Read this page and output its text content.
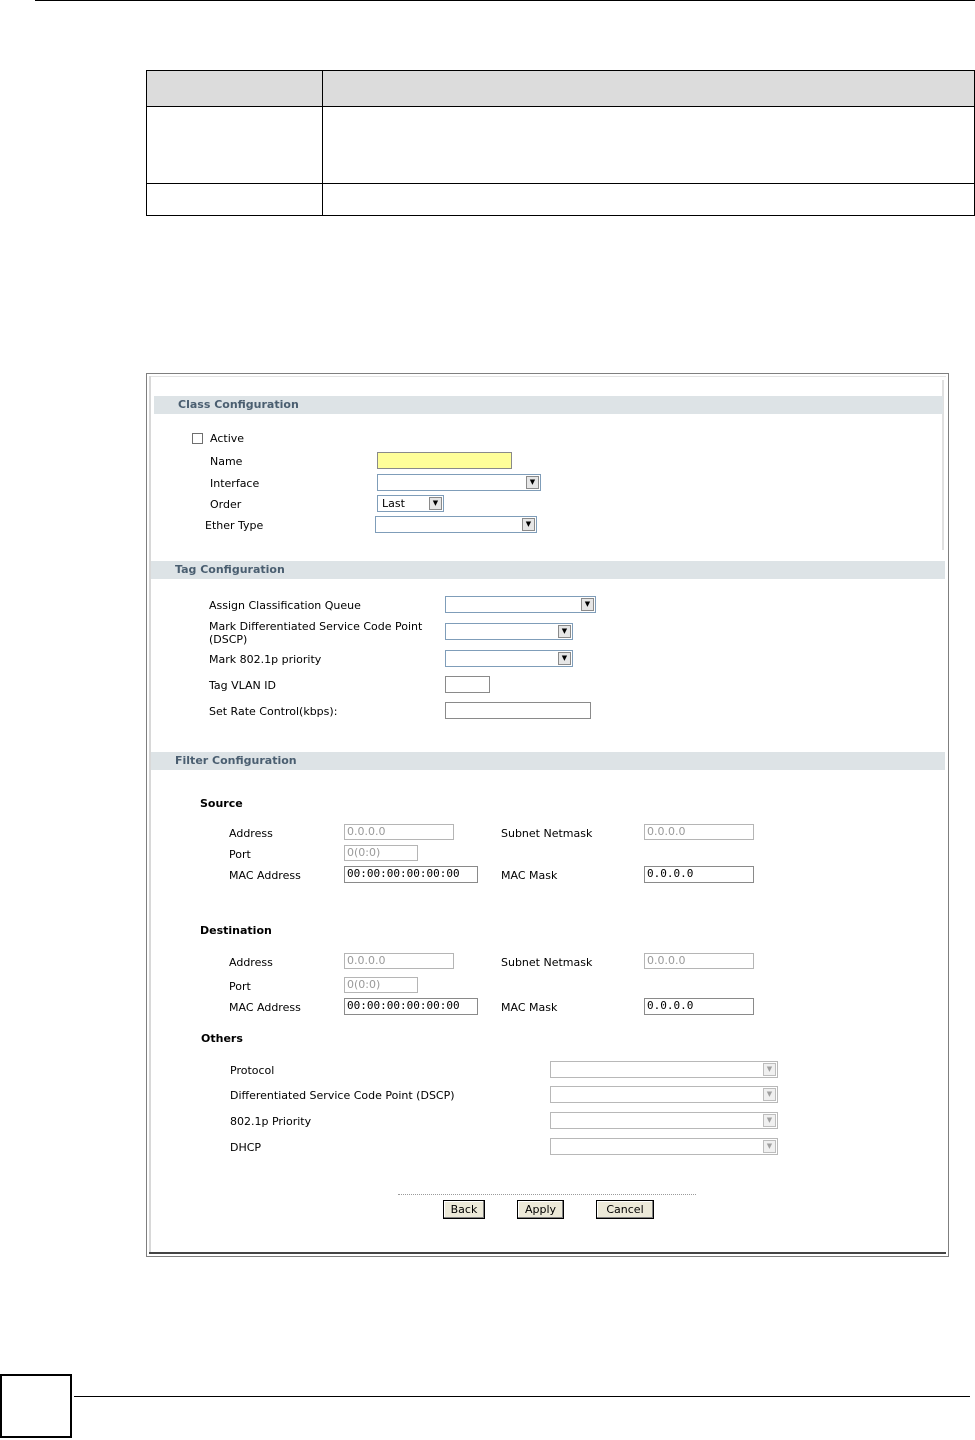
Class Configuration
Active
Name
Interface	▼
Order	Last	▼
Ether Type	▼
Tag Configuration
Assign Classification Queue	▼
Mark Differentiated Service Code Point
(DSCP)
▼
Mark 802.1p priority	▼
Tag VLAN ID
Set Rate Control(kbps):
Filter Configuration
Source
Address	0.0.0.0	Subnet Netmask	0.0.0.0
Port	0(0:0)
MAC Address	00:00:00:00:00:00	MAC Mask	0.0.0.0
Destination
Address	0.0.0.0	Subnet Netmask	0.0.0.0
Port	0(0:0)
MAC Address	00:00:00:00:00:00	MAC Mask	0.0.0.0
Others
Protocol	▼
Differentiated Service Code Point (DSCP)	▼
802.1p Priority	▼
DHCP	▼
Back	Apply	Cancel
